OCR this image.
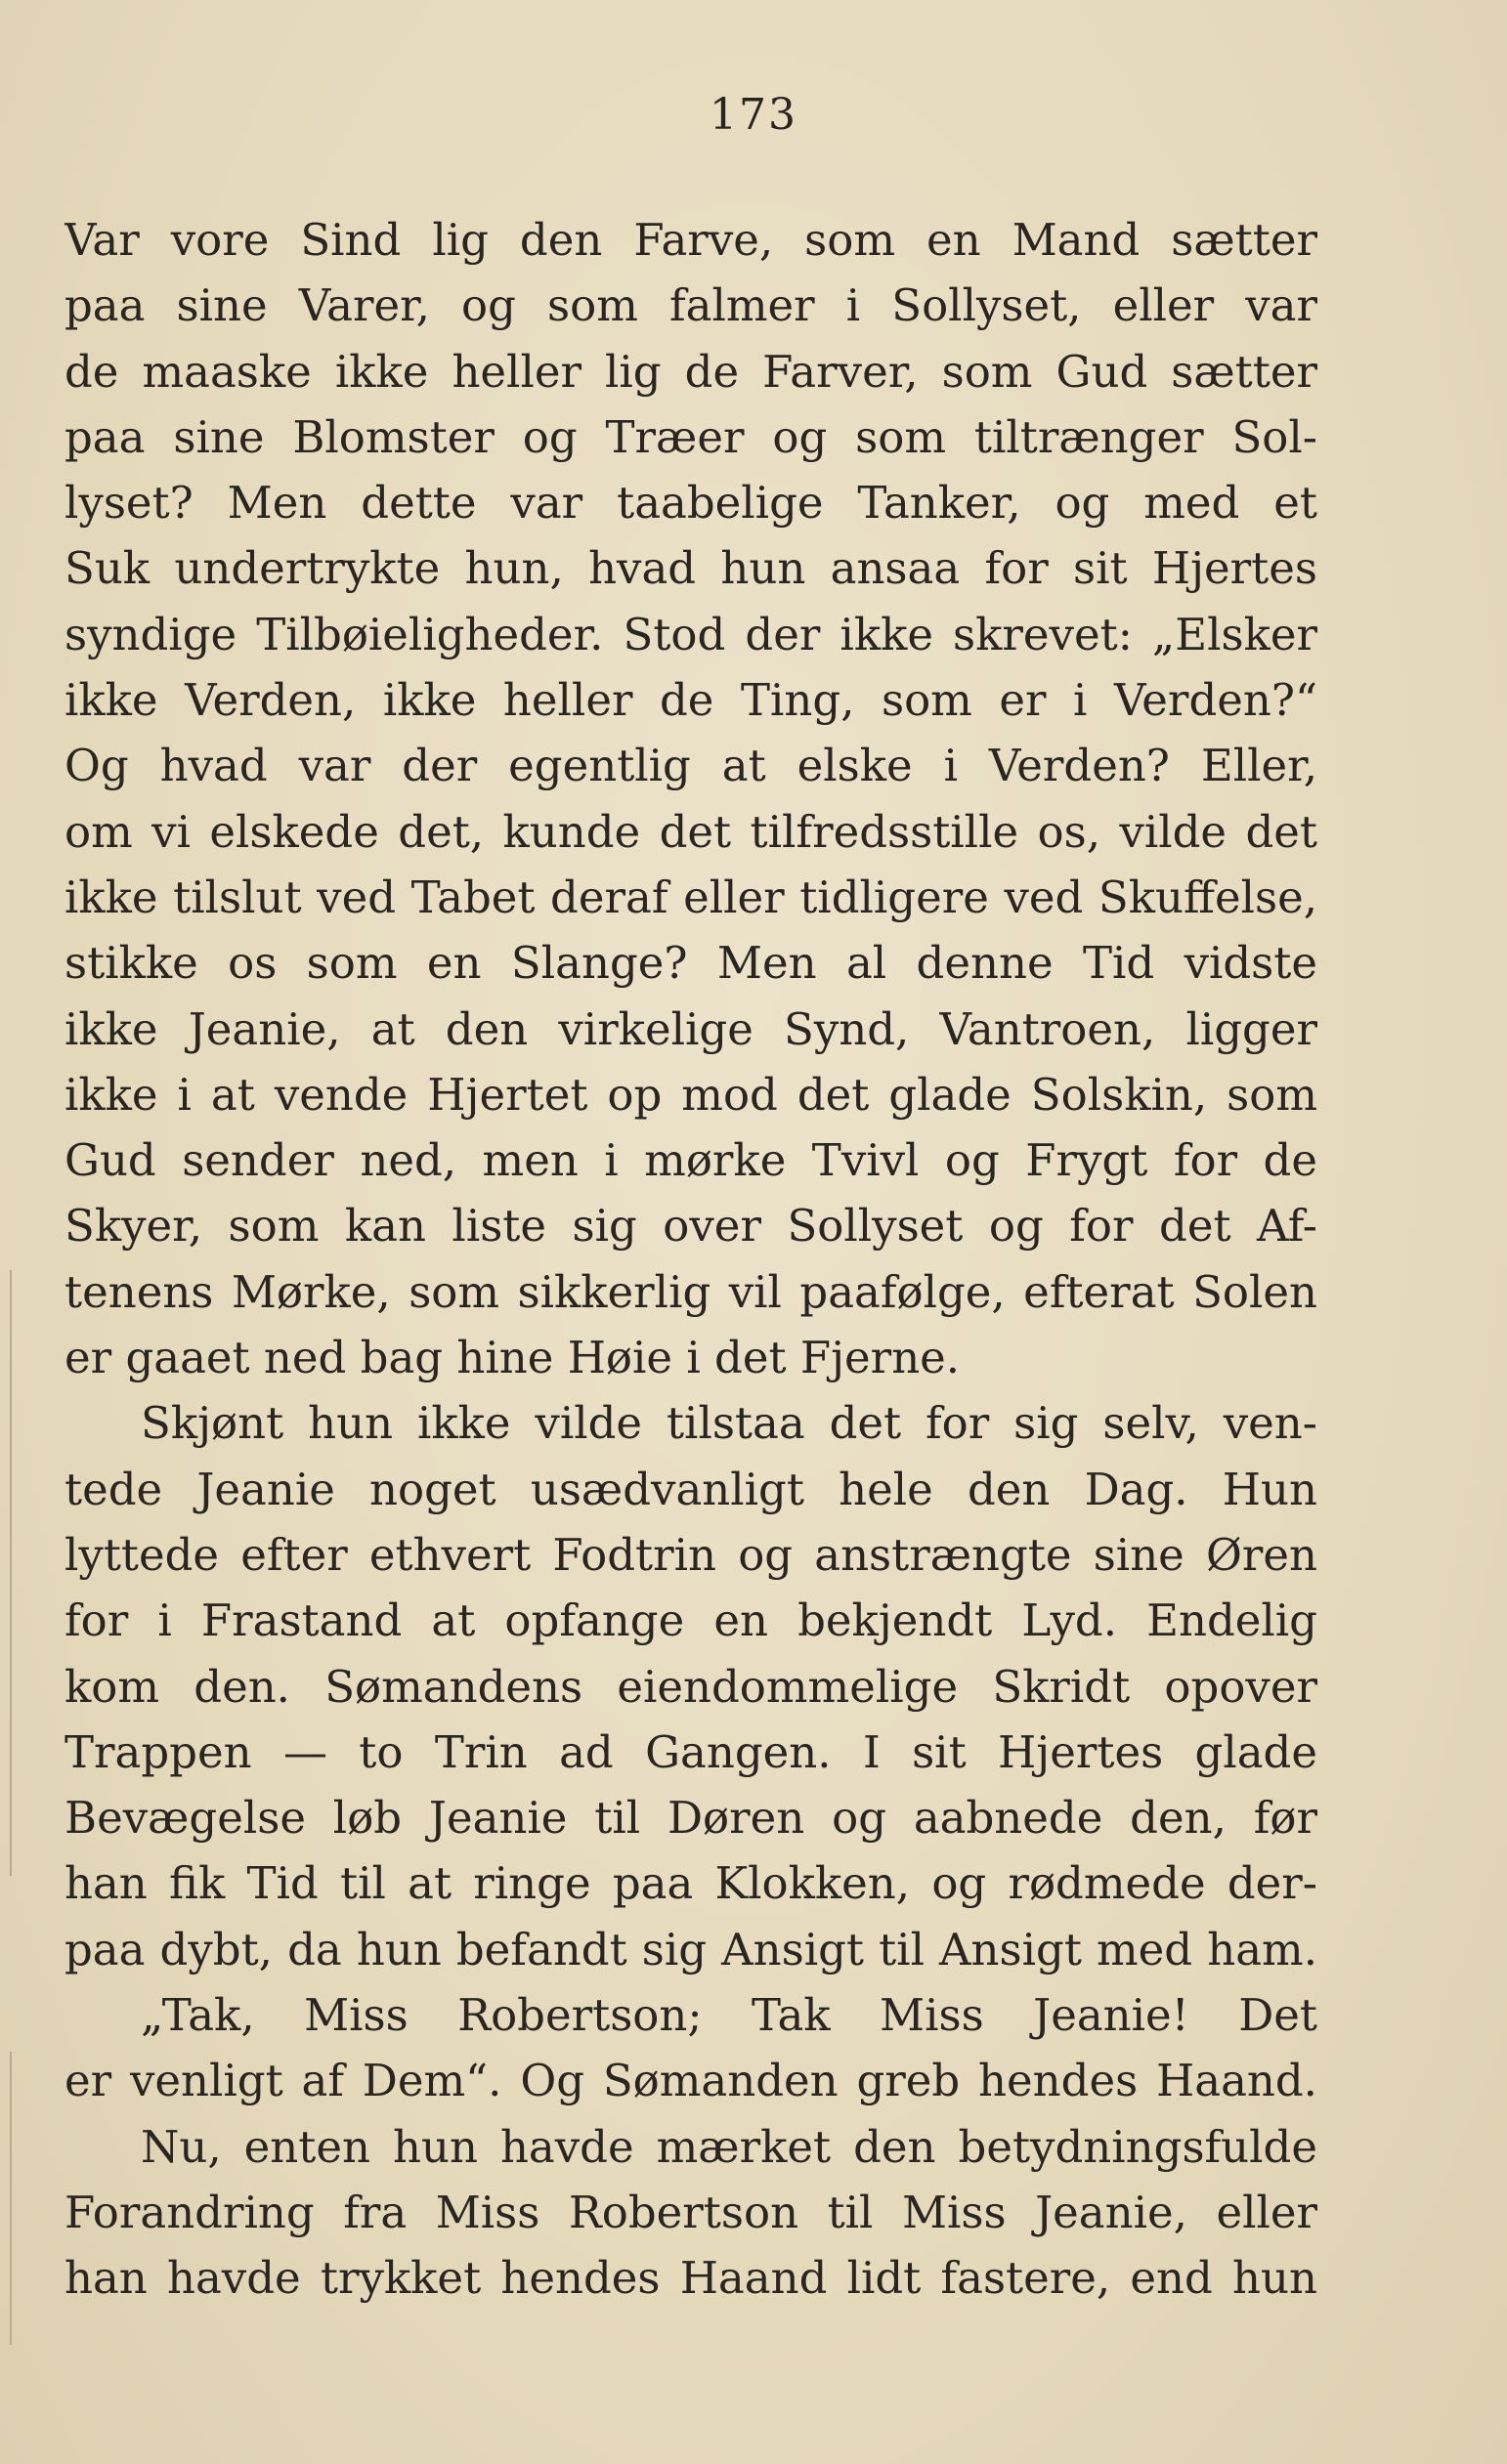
173
Var vore Sind lig den Farve, som en Mand sætter
paa sine Varer, og som falmer i Sollyset, eller var
de maaske ikke heller lig de Farver, som Gud sætter
paa sine Blomster og Træer og som tiltrænger Sol-
lyset? Men dette var taabelige Tanker, og med et
Suk undertrykte hun, hvad hun ansaa for sit Hjertes
syndige Tilbøieligheder. Stod der ikke skrevet: „Elsker
ikke Verden, ikke heller de Ting, som er i Verden?“
Og hvad var der egentlig at elske i Verden? Eller,
om vi elskede det, kunde det tilfredsstille os, vilde det
ikke tilslut ved Tabet deraf eller tidligere ved Skuffelse,
stikke os som en Slange? Men al denne Tid vidste
ikke Jeanie, at den virkelige Synd, Vantroen, ligger
ikke i at vende Hjertet op mod det glade Solskin, som
Gud sender ned, men i mørke Tvivl og Frygt for de
Skyer, som kan liste sig over Sollyset og for det Af-
tenens Mørke, som sikkerlig vil paafølge, efterat Solen
er gaaet ned bag hine Høie i det Fjerne.
Skjønt hun ikke vilde tilstaa det for sig selv, ven-
tede Jeanie noget usædvanligt hele den Dag. Hun
lyttede efter ethvert Fodtrin og anstrængte sine Øren
for i Frastand at opfange en bekjendt Lyd. Endelig
kom den. Sømandens eiendommelige Skridt opover
Trappen — to Trin ad Gangen. I sit Hjertes glade
Bevægelse løb Jeanie til Døren og aabnede den, før
han fik Tid til at ringe paa Klokken, og rødmede der-
paa dybt, da hun befandt sig Ansigt til Ansigt med ham.
„Tak, Miss Robertson; Tak Miss Jeanie! Det
er venligt af Dem“. Og Sømanden greb hendes Haand.
Nu, enten hun havde mærket den betydningsfulde
Forandring fra Miss Robertson til Miss Jeanie, eller
han havde trykket hendes Haand lidt fastere, end hun
